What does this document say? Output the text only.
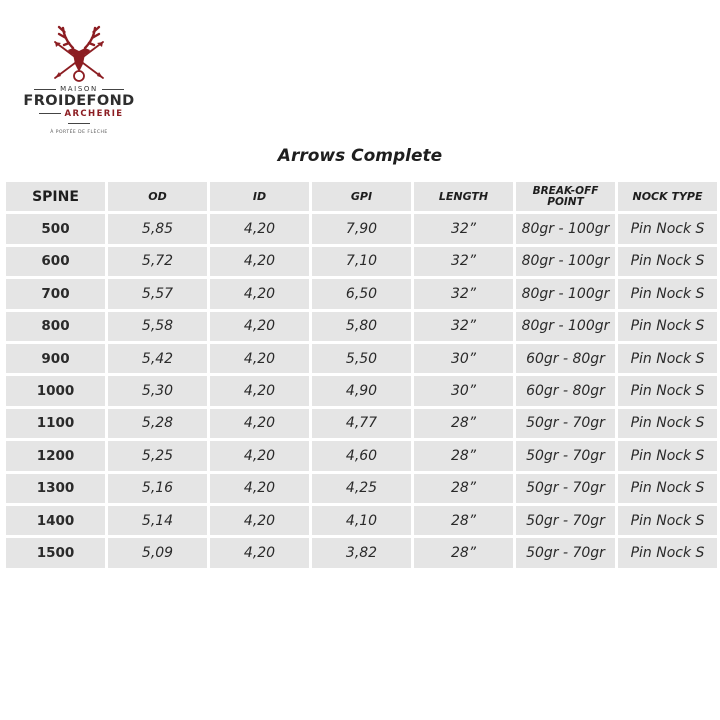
MAISON
FROIDEFOND
ARCHERIE
À PORTÉE DE FLÈCHE
Arrows Complete
SPINE	OD	ID	GPI	LENGTH	BREAK-OFF POINT	NOCK TYPE
500	5,85	4,20	7,90	32”	80gr - 100gr	Pin Nock S
600	5,72	4,20	7,10	32”	80gr - 100gr	Pin Nock S
700	5,57	4,20	6,50	32”	80gr - 100gr	Pin Nock S
800	5,58	4,20	5,80	32”	80gr - 100gr	Pin Nock S
900	5,42	4,20	5,50	30”	60gr - 80gr	Pin Nock S
1000	5,30	4,20	4,90	30”	60gr - 80gr	Pin Nock S
1100	5,28	4,20	4,77	28”	50gr - 70gr	Pin Nock S
1200	5,25	4,20	4,60	28”	50gr - 70gr	Pin Nock S
1300	5,16	4,20	4,25	28”	50gr - 70gr	Pin Nock S
1400	5,14	4,20	4,10	28”	50gr - 70gr	Pin Nock S
1500	5,09	4,20	3,82	28”	50gr - 70gr	Pin Nock S
